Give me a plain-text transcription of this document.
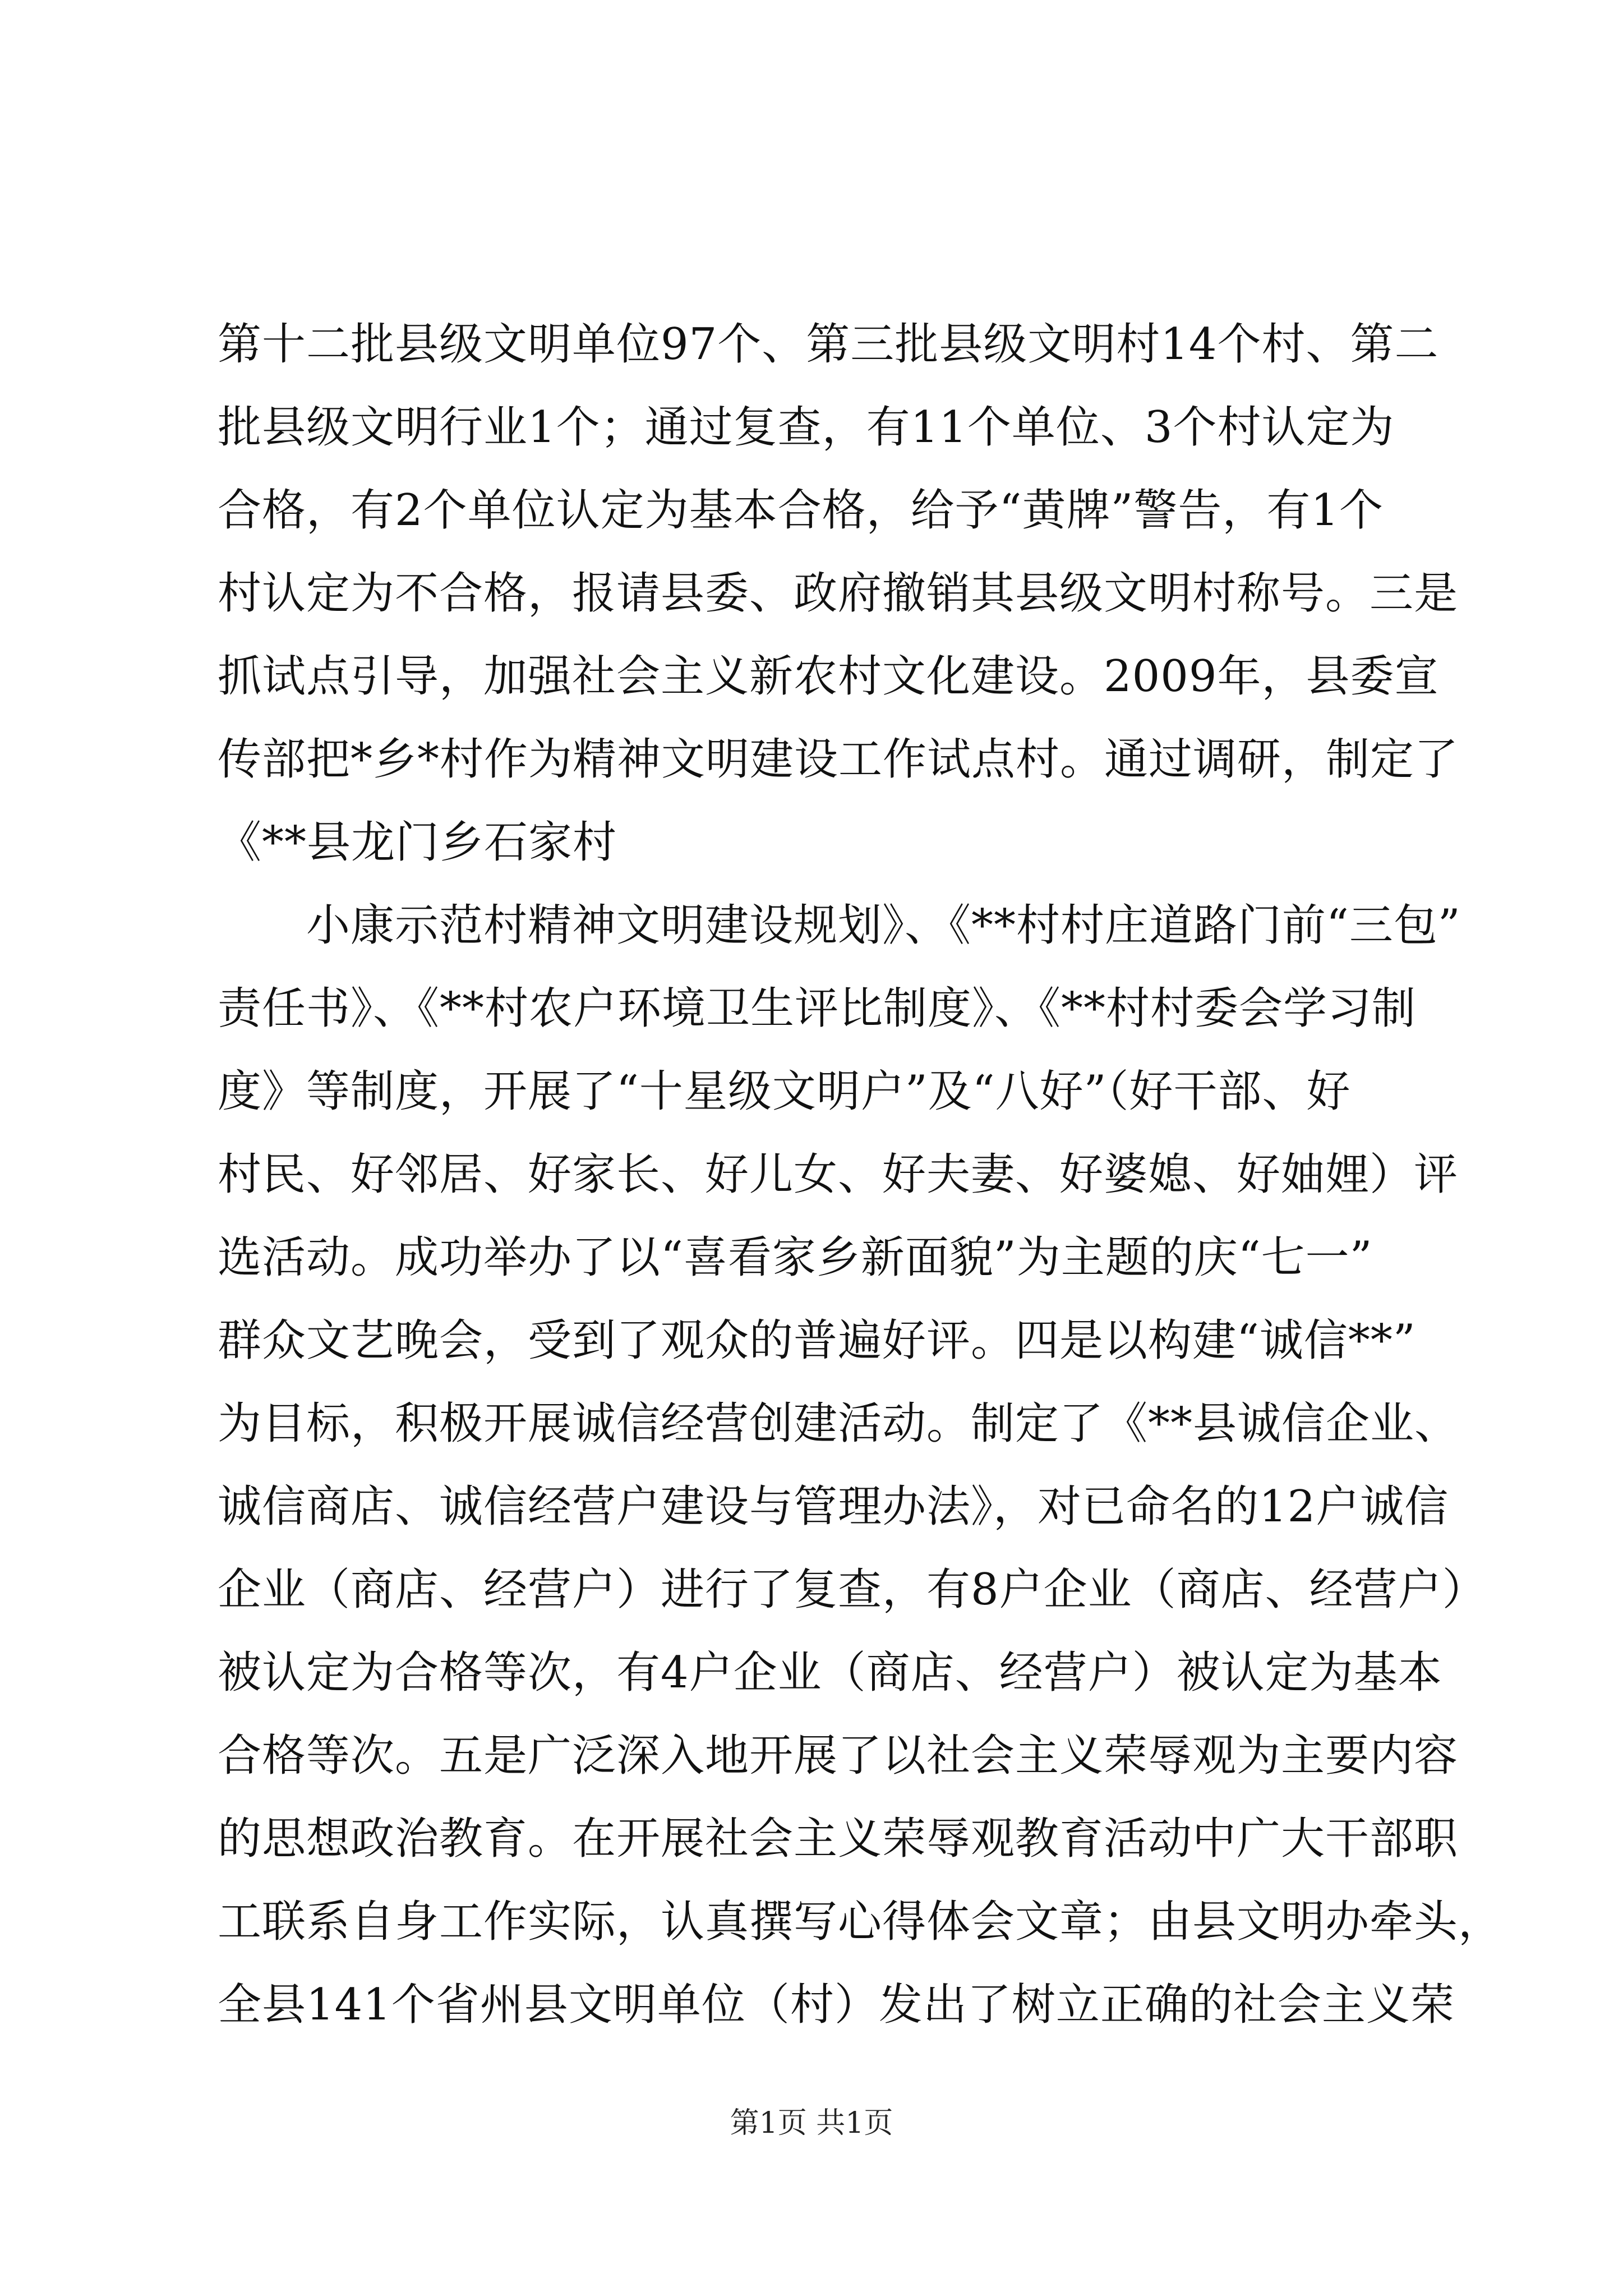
第十二批县级文明单位97个、第三批县级文明村14个村、第二
批县级文明行业1个；通过复查，有11个单位、3个村认定为
合格，有2个单位认定为基本合格，给予“黄牌”警告，有1个
村认定为不合格，报请县委、政府撤销其县级文明村称号。三是
抓试点引导，加强社会主义新农村文化建设。2009年，县委宣
传部把*乡*村作为精神文明建设工作试点村。通过调研，制定了
《**县龙门乡石家村
小康示范村精神文明建设规划》、《**村村庄道路门前“三包”
责任书》、《**村农户环境卫生评比制度》、《**村村委会学习制
度》等制度，开展了“十星级文明户”及“八好”（好干部、好
村民、好邻居、好家长、好儿女、好夫妻、好婆媳、好妯娌）评
选活动。成功举办了以“喜看家乡新面貌”为主题的庆“七一”
群众文艺晚会，受到了观众的普遍好评。四是以构建“诚信**”
为目标，积极开展诚信经营创建活动。制定了《**县诚信企业、
诚信商店、诚信经营户建设与管理办法》，对已命名的12户诚信
企业（商店、经营户）进行了复查，有8户企业（商店、经营户）
被认定为合格等次，有4户企业（商店、经营户）被认定为基本
合格等次。五是广泛深入地开展了以社会主义荣辱观为主要内容
的思想政治教育。在开展社会主义荣辱观教育活动中广大干部职
工联系自身工作实际，认真撰写心得体会文章；由县文明办牵头，
全县141个省州县文明单位（村）发出了树立正确的社会主义荣
第1页 共1页
